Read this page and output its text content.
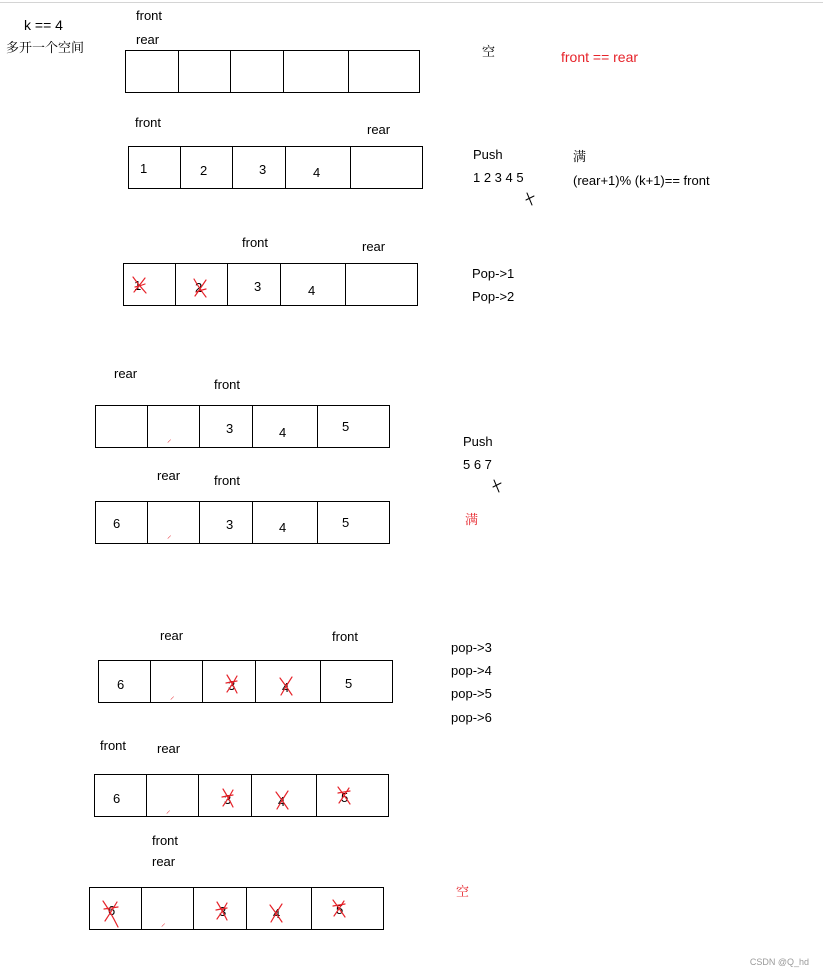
k == 4
多开一个空间
front
rear
空	front == rear
front	rear
1	2	3	4
Push
1 2 3 4 5
满
(rear+1)% (k+1)== front
front	rear
1	2	3	4
Pop->1
Pop->2
rear
front
⸝
3	4	5
Push
5 6 7
rear	front
6
⸝
3	4	5	满
rear	front
6
⸝
3	4	5
pop->3
pop->4
pop->5
pop->6
front rear
6
⸝
3	4	5
front
rear
6
⸝
3	4	5
空
CSDN @Q_hd
